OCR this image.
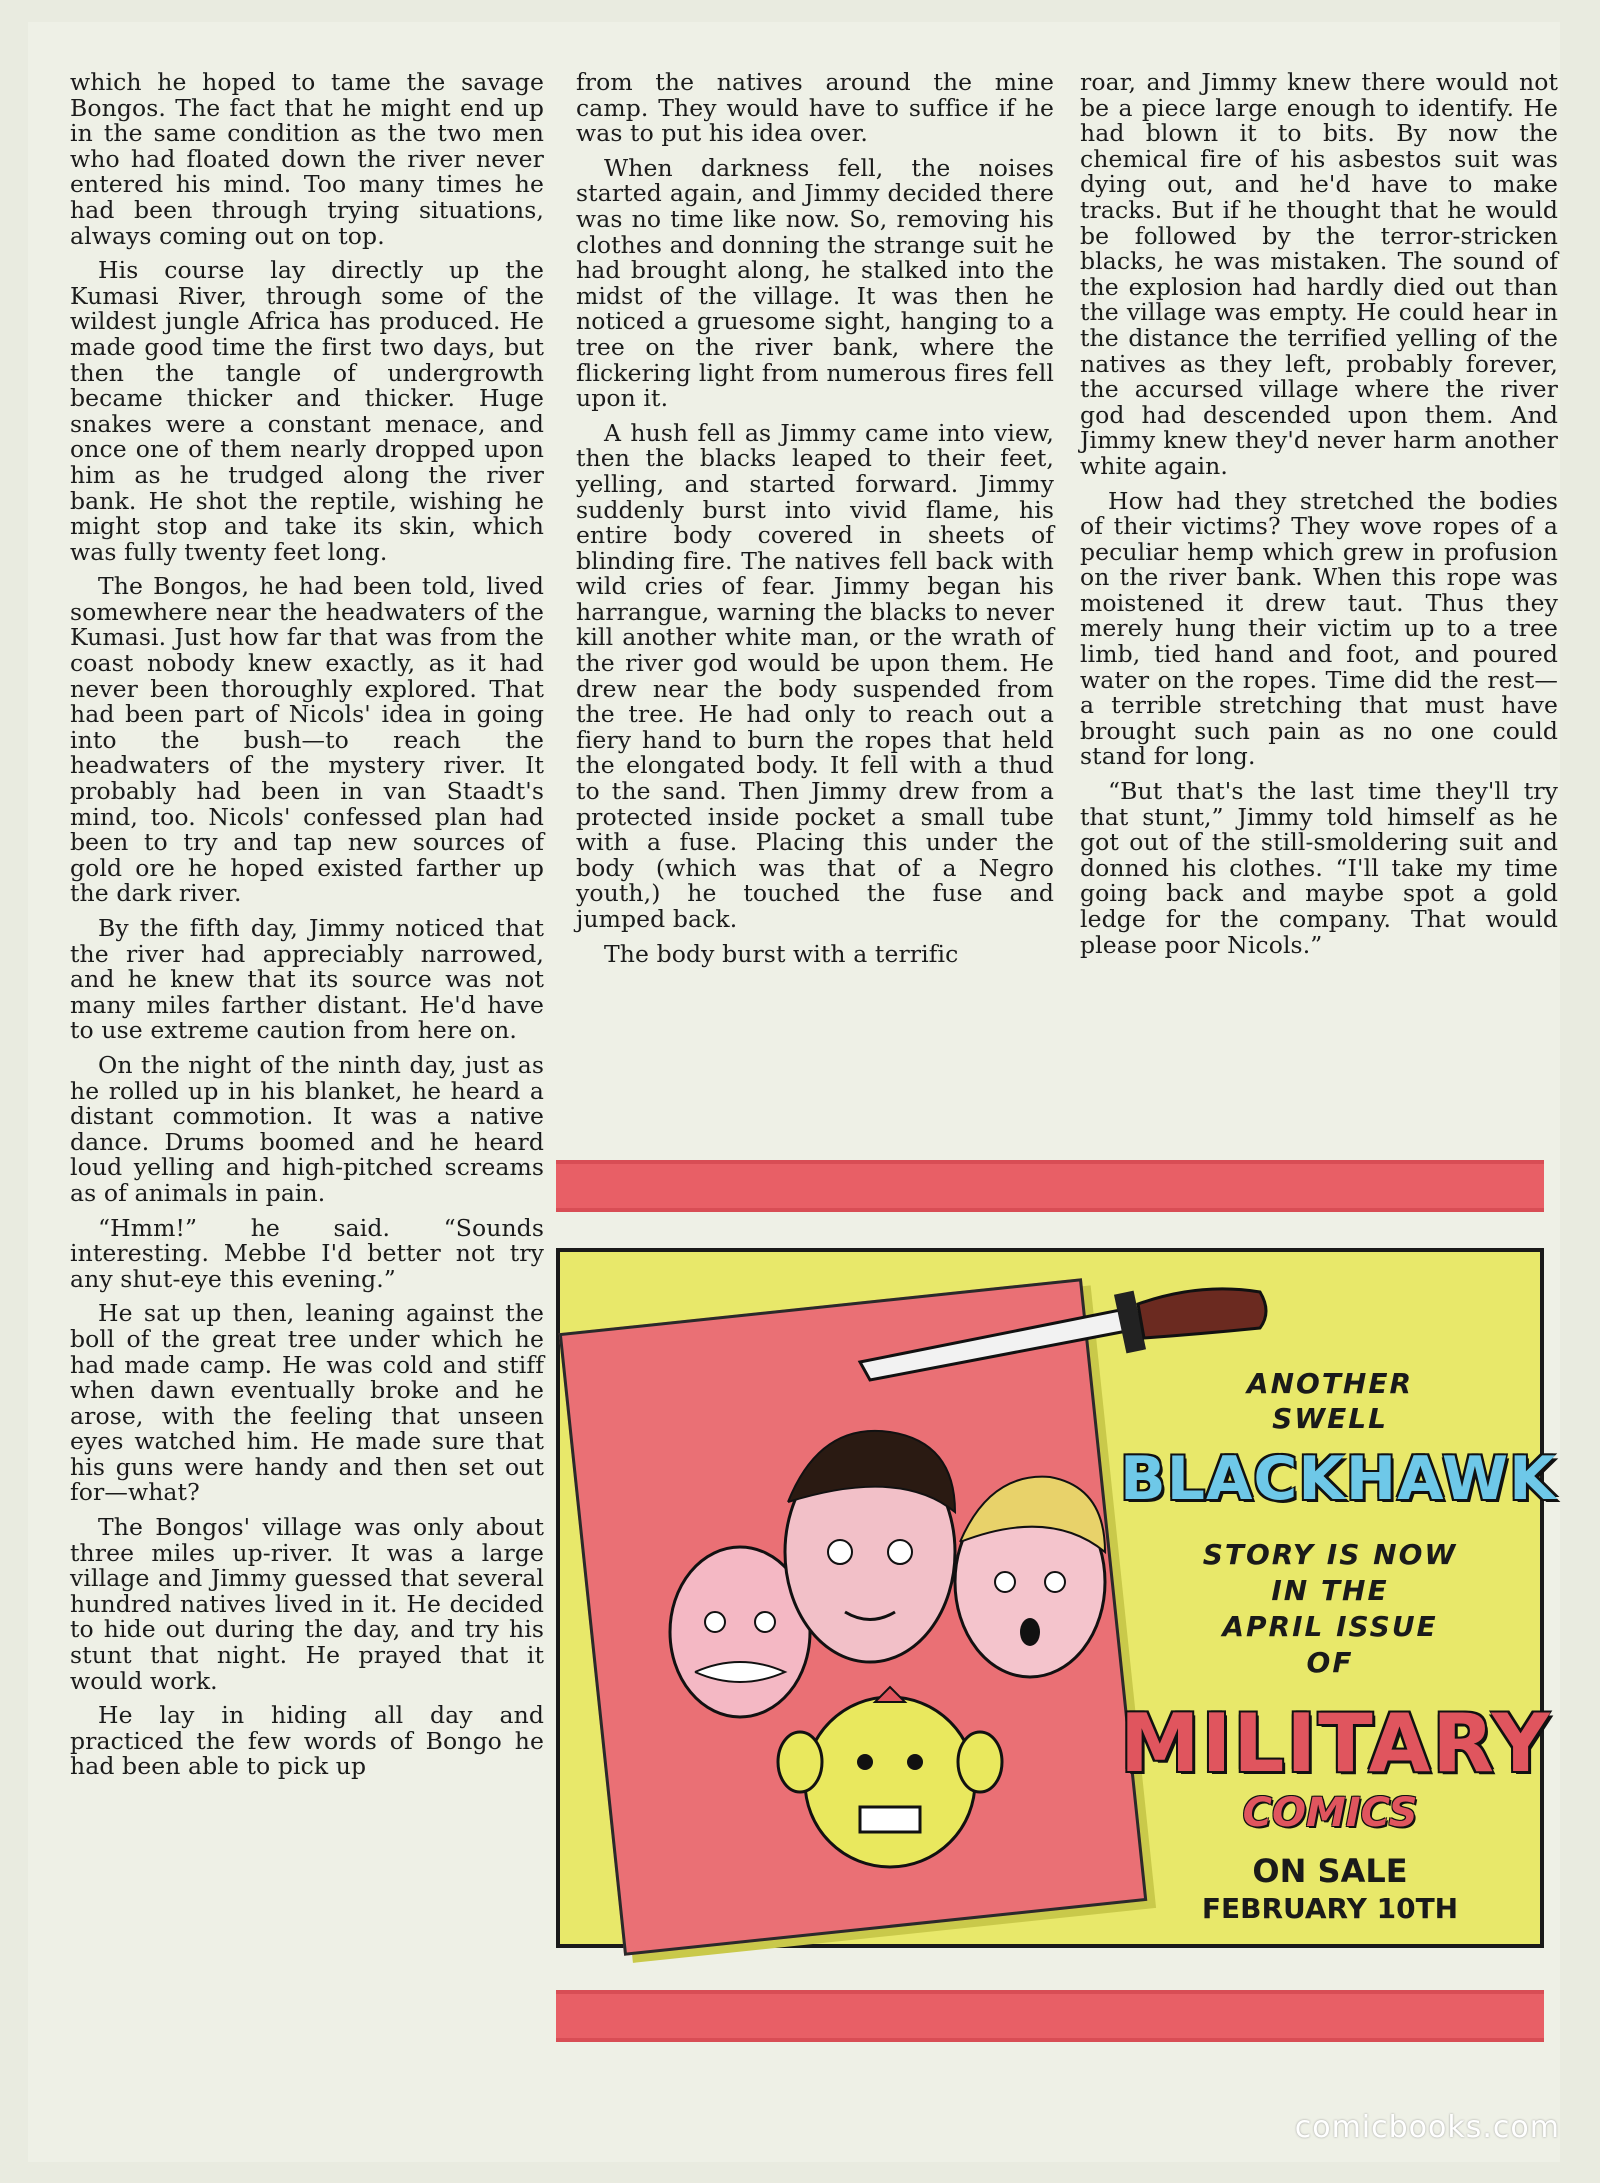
which he hoped to tame the savage Bongos. The fact that he might end up in the same condition as the two men who had floated down the river never entered his mind. Too many times he had been through trying situations, always coming out on top.

His course lay directly up the Kumasi River, through some of the wildest jungle Africa has produced. He made good time the first two days, but then the tangle of undergrowth became thicker and thicker. Huge snakes were a constant menace, and once one of them nearly dropped upon him as he trudged along the river bank. He shot the reptile, wishing he might stop and take its skin, which was fully twenty feet long.

The Bongos, he had been told, lived somewhere near the headwaters of the Kumasi. Just how far that was from the coast nobody knew exactly, as it had never been thoroughly explored. That had been part of Nicols' idea in going into the bush—to reach the headwaters of the mystery river. It probably had been in van Staadt's mind, too. Nicols' confessed plan had been to try and tap new sources of gold ore he hoped existed farther up the dark river.

By the fifth day, Jimmy noticed that the river had appreciably narrowed, and he knew that its source was not many miles farther distant. He'd have to use extreme caution from here on.

On the night of the ninth day, just as he rolled up in his blanket, he heard a distant commotion. It was a native dance. Drums boomed and he heard loud yelling and high-pitched screams as of animals in pain.

“Hmm!” he said. “Sounds interesting. Mebbe I'd better not try any shut-eye this evening.”

He sat up then, leaning against the boll of the great tree under which he had made camp. He was cold and stiff when dawn eventually broke and he arose, with the feeling that unseen eyes watched him. He made sure that his guns were handy and then set out for—what?

The Bongos' village was only about three miles up-river. It was a large village and Jimmy guessed that several hundred natives lived in it. He decided to hide out during the day, and try his stunt that night. He prayed that it would work.

He lay in hiding all day and practiced the few words of Bongo he had been able to pick up

from the natives around the mine camp. They would have to suffice if he was to put his idea over.

When darkness fell, the noises started again, and Jimmy decided there was no time like now. So, removing his clothes and donning the strange suit he had brought along, he stalked into the midst of the village. It was then he noticed a gruesome sight, hanging to a tree on the river bank, where the flickering light from numerous fires fell upon it.

A hush fell as Jimmy came into view, then the blacks leaped to their feet, yelling, and started forward. Jimmy suddenly burst into vivid flame, his entire body covered in sheets of blinding fire. The natives fell back with wild cries of fear. Jimmy began his harrangue, warning the blacks to never kill another white man, or the wrath of the river god would be upon them. He drew near the body suspended from the tree. He had only to reach out a fiery hand to burn the ropes that held the elongated body. It fell with a thud to the sand. Then Jimmy drew from a protected inside pocket a small tube with a fuse. Placing this under the body (which was that of a Negro youth,) he touched the fuse and jumped back.

The body burst with a terrific

roar, and Jimmy knew there would not be a piece large enough to identify. He had blown it to bits. By now the chemical fire of his asbestos suit was dying out, and he'd have to make tracks. But if he thought that he would be followed by the terror-stricken blacks, he was mistaken. The sound of the explosion had hardly died out than the village was empty. He could hear in the distance the terrified yelling of the natives as they left, probably forever, the accursed village where the river god had descended upon them. And Jimmy knew they'd never harm another white again.

How had they stretched the bodies of their victims? They wove ropes of a peculiar hemp which grew in profusion on the river bank. When this rope was moistened it drew taut. Thus they merely hung their victim up to a tree limb, tied hand and foot, and poured water on the ropes. Time did the rest—a terrible stretching that must have brought such pain as no one could stand for long.

“But that's the last time they'll try that stunt,” Jimmy told himself as he got out of the still-smoldering suit and donned his clothes. “I'll take my time going back and maybe spot a gold ledge for the company. That would please poor Nicols.”

ANOTHER
SWELL
BLACKHAWK
STORY IS NOW
IN THE
APRIL ISSUE
OF
MILITARY
COMICS
ON SALE
FEBRUARY 10TH
comicbooks.com
